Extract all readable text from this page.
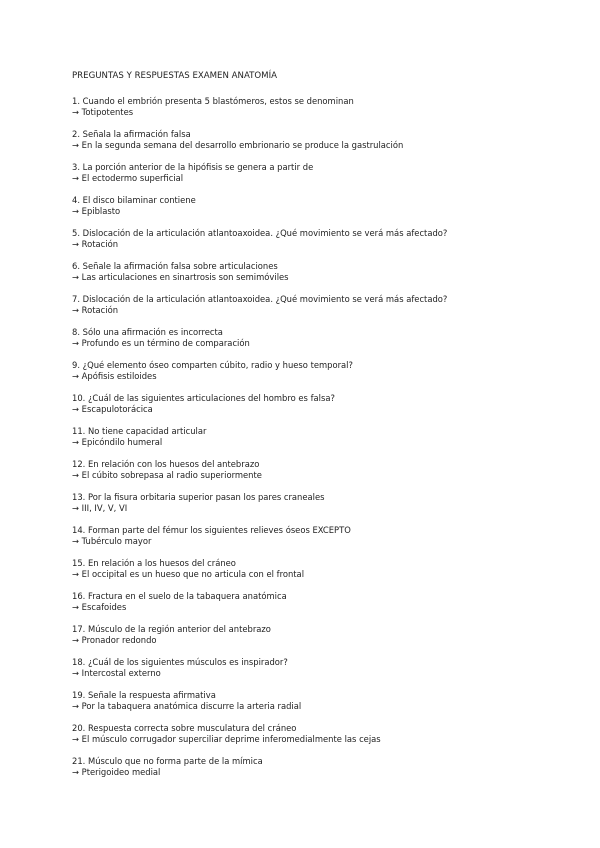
PREGUNTAS Y RESPUESTAS EXAMEN ANATOMÍA
1. Cuando el embrión presenta 5 blastómeros, estos se denominan
→ Totipotentes
2. Señala la afirmación falsa
→ En la segunda semana del desarrollo embrionario se produce la gastrulación
3. La porción anterior de la hipófisis se genera a partir de
→ El ectodermo superficial
4. El disco bilaminar contiene
→ Epiblasto
5. Dislocación de la articulación atlantoaxoidea. ¿Qué movimiento se verá más afectado?
→ Rotación
6. Señale la afirmación falsa sobre articulaciones
→ Las articulaciones en sinartrosis son semimóviles
7. Dislocación de la articulación atlantoaxoidea. ¿Qué movimiento se verá más afectado?
→ Rotación
8. Sólo una afirmación es incorrecta
→ Profundo es un término de comparación
9. ¿Qué elemento óseo comparten cúbito, radio y hueso temporal?
→ Apófisis estiloides
10. ¿Cuál de las siguientes articulaciones del hombro es falsa?
→ Escapulotorácica
11. No tiene capacidad articular
→ Epicóndilo humeral
12. En relación con los huesos del antebrazo
→ El cúbito sobrepasa al radio superiormente
13. Por la fisura orbitaria superior pasan los pares craneales
→ III, IV, V, VI
14. Forman parte del fémur los siguientes relieves óseos EXCEPTO
→ Tubérculo mayor
15. En relación a los huesos del cráneo
→ El occipital es un hueso que no articula con el frontal
16. Fractura en el suelo de la tabaquera anatómica
→ Escafoides
17. Músculo de la región anterior del antebrazo
→ Pronador redondo
18. ¿Cuál de los siguientes músculos es inspirador?
→ Intercostal externo
19. Señale la respuesta afirmativa
→ Por la tabaquera anatómica discurre la arteria radial
20. Respuesta correcta sobre musculatura del cráneo
→ El músculo corrugador superciliar deprime inferomedialmente las cejas
21. Músculo que no forma parte de la mímica
→ Pterigoideo medial
